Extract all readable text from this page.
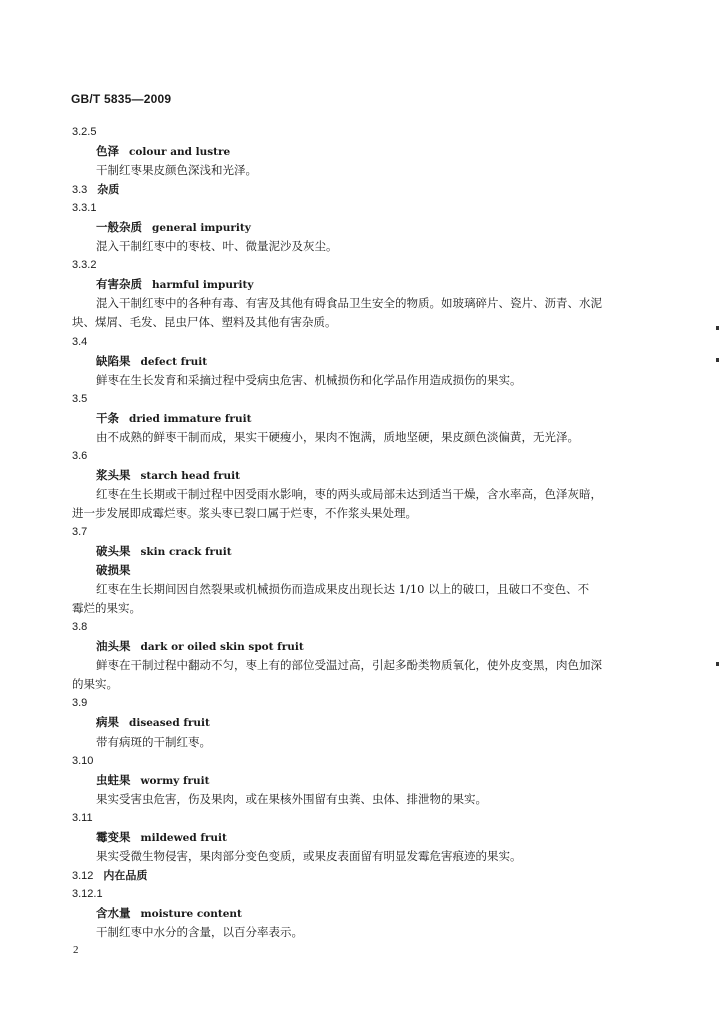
GB/T 5835—2009
3.2.5
色泽 colour and lustre
干制红枣果皮颜色深浅和光泽。
3.3 杂质
3.3.1
一般杂质 general impurity
混入干制红枣中的枣枝、叶、微量泥沙及灰尘。
3.3.2
有害杂质 harmful impurity
混入干制红枣中的各种有毒、有害及其他有碍食品卫生安全的物质。如玻璃碎片、瓷片、沥青、水泥
块、煤屑、毛发、昆虫尸体、塑料及其他有害杂质。
3.4
缺陷果 defect fruit
鲜枣在生长发育和采摘过程中受病虫危害、机械损伤和化学品作用造成损伤的果实。
3.5
干条 dried immature fruit
由不成熟的鲜枣干制而成，果实干硬瘦小，果肉不饱满，质地坚硬，果皮颜色淡偏黄，无光泽。
3.6
浆头果 starch head fruit
红枣在生长期或干制过程中因受雨水影响，枣的两头或局部未达到适当干燥，含水率高，色泽灰暗，
进一步发展即成霉烂枣。浆头枣已裂口属于烂枣，不作浆头果处理。
3.7
破头果 skin crack fruit
破损果
红枣在生长期间因自然裂果或机械损伤而造成果皮出现长达 1/10 以上的破口，且破口不变色、不
霉烂的果实。
3.8
油头果 dark or oiled skin spot fruit
鲜枣在干制过程中翻动不匀，枣上有的部位受温过高，引起多酚类物质氧化，使外皮变黑，肉色加深
的果实。
3.9
病果 diseased fruit
带有病斑的干制红枣。
3.10
虫蛀果 wormy fruit
果实受害虫危害，伤及果肉，或在果核外围留有虫粪、虫体、排泄物的果实。
3.11
霉变果 mildewed fruit
果实受微生物侵害，果肉部分变色变质，或果皮表面留有明显发霉危害痕迹的果实。
3.12 内在品质
3.12.1
含水量 moisture content
干制红枣中水分的含量，以百分率表示。
2
